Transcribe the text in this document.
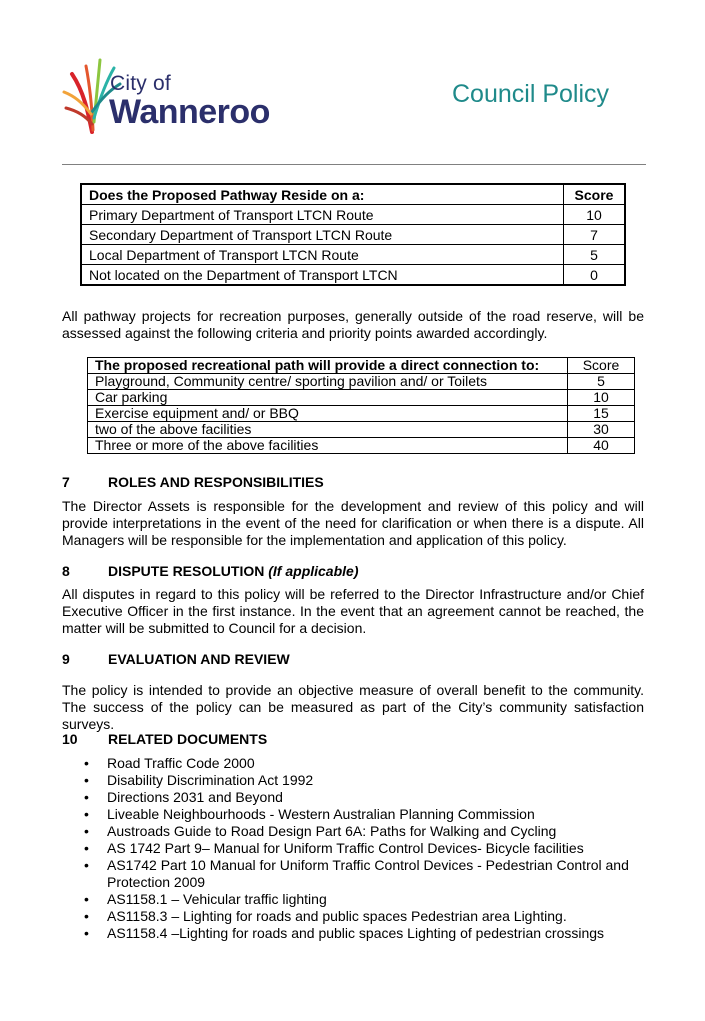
City of
Wanneroo	Council Policy
Does the Proposed Pathway Reside on a:	Score
Primary Department of Transport LTCN Route	10
Secondary Department of Transport LTCN Route	7
Local Department of Transport LTCN Route	5
Not located on the Department of Transport LTCN	0
All pathway projects for recreation purposes, generally outside of the road reserve, will be assessed against the following criteria and priority points awarded accordingly.
The proposed recreational path will provide a direct connection to:	Score
Playground, Community centre/ sporting pavilion and/ or Toilets	5
Car parking	10
Exercise equipment and/ or BBQ	15
two of the above facilities	30
Three or more of the above facilities	40
7	ROLES AND RESPONSIBILITIES
The Director Assets is responsible for the development and review of this policy and will provide interpretations in the event of the need for clarification or when there is a dispute. All Managers will be responsible for the implementation and application of this policy.
8	DISPUTE RESOLUTION (If applicable)
All disputes in regard to this policy will be referred to the Director Infrastructure and/or Chief Executive Officer in the first instance. In the event that an agreement cannot be reached, the matter will be submitted to Council for a decision.
9	EVALUATION AND REVIEW
The policy is intended to provide an objective measure of overall benefit to the community. The success of the policy can be measured as part of the City’s community satisfaction surveys.
10 RELATED DOCUMENTS
• Road Traffic Code 2000
• Disability Discrimination Act 1992
• Directions 2031 and Beyond
• Liveable Neighbourhoods - Western Australian Planning Commission
• Austroads Guide to Road Design Part 6A: Paths for Walking and Cycling
• AS 1742 Part 9– Manual for Uniform Traffic Control Devices- Bicycle facilities
• AS1742 Part 10 Manual for Uniform Traffic Control Devices - Pedestrian Control and Protection 2009
• AS1158.1 – Vehicular traffic lighting
• AS1158.3 – Lighting for roads and public spaces Pedestrian area Lighting.
• AS1158.4 –Lighting for roads and public spaces Lighting of pedestrian crossings
